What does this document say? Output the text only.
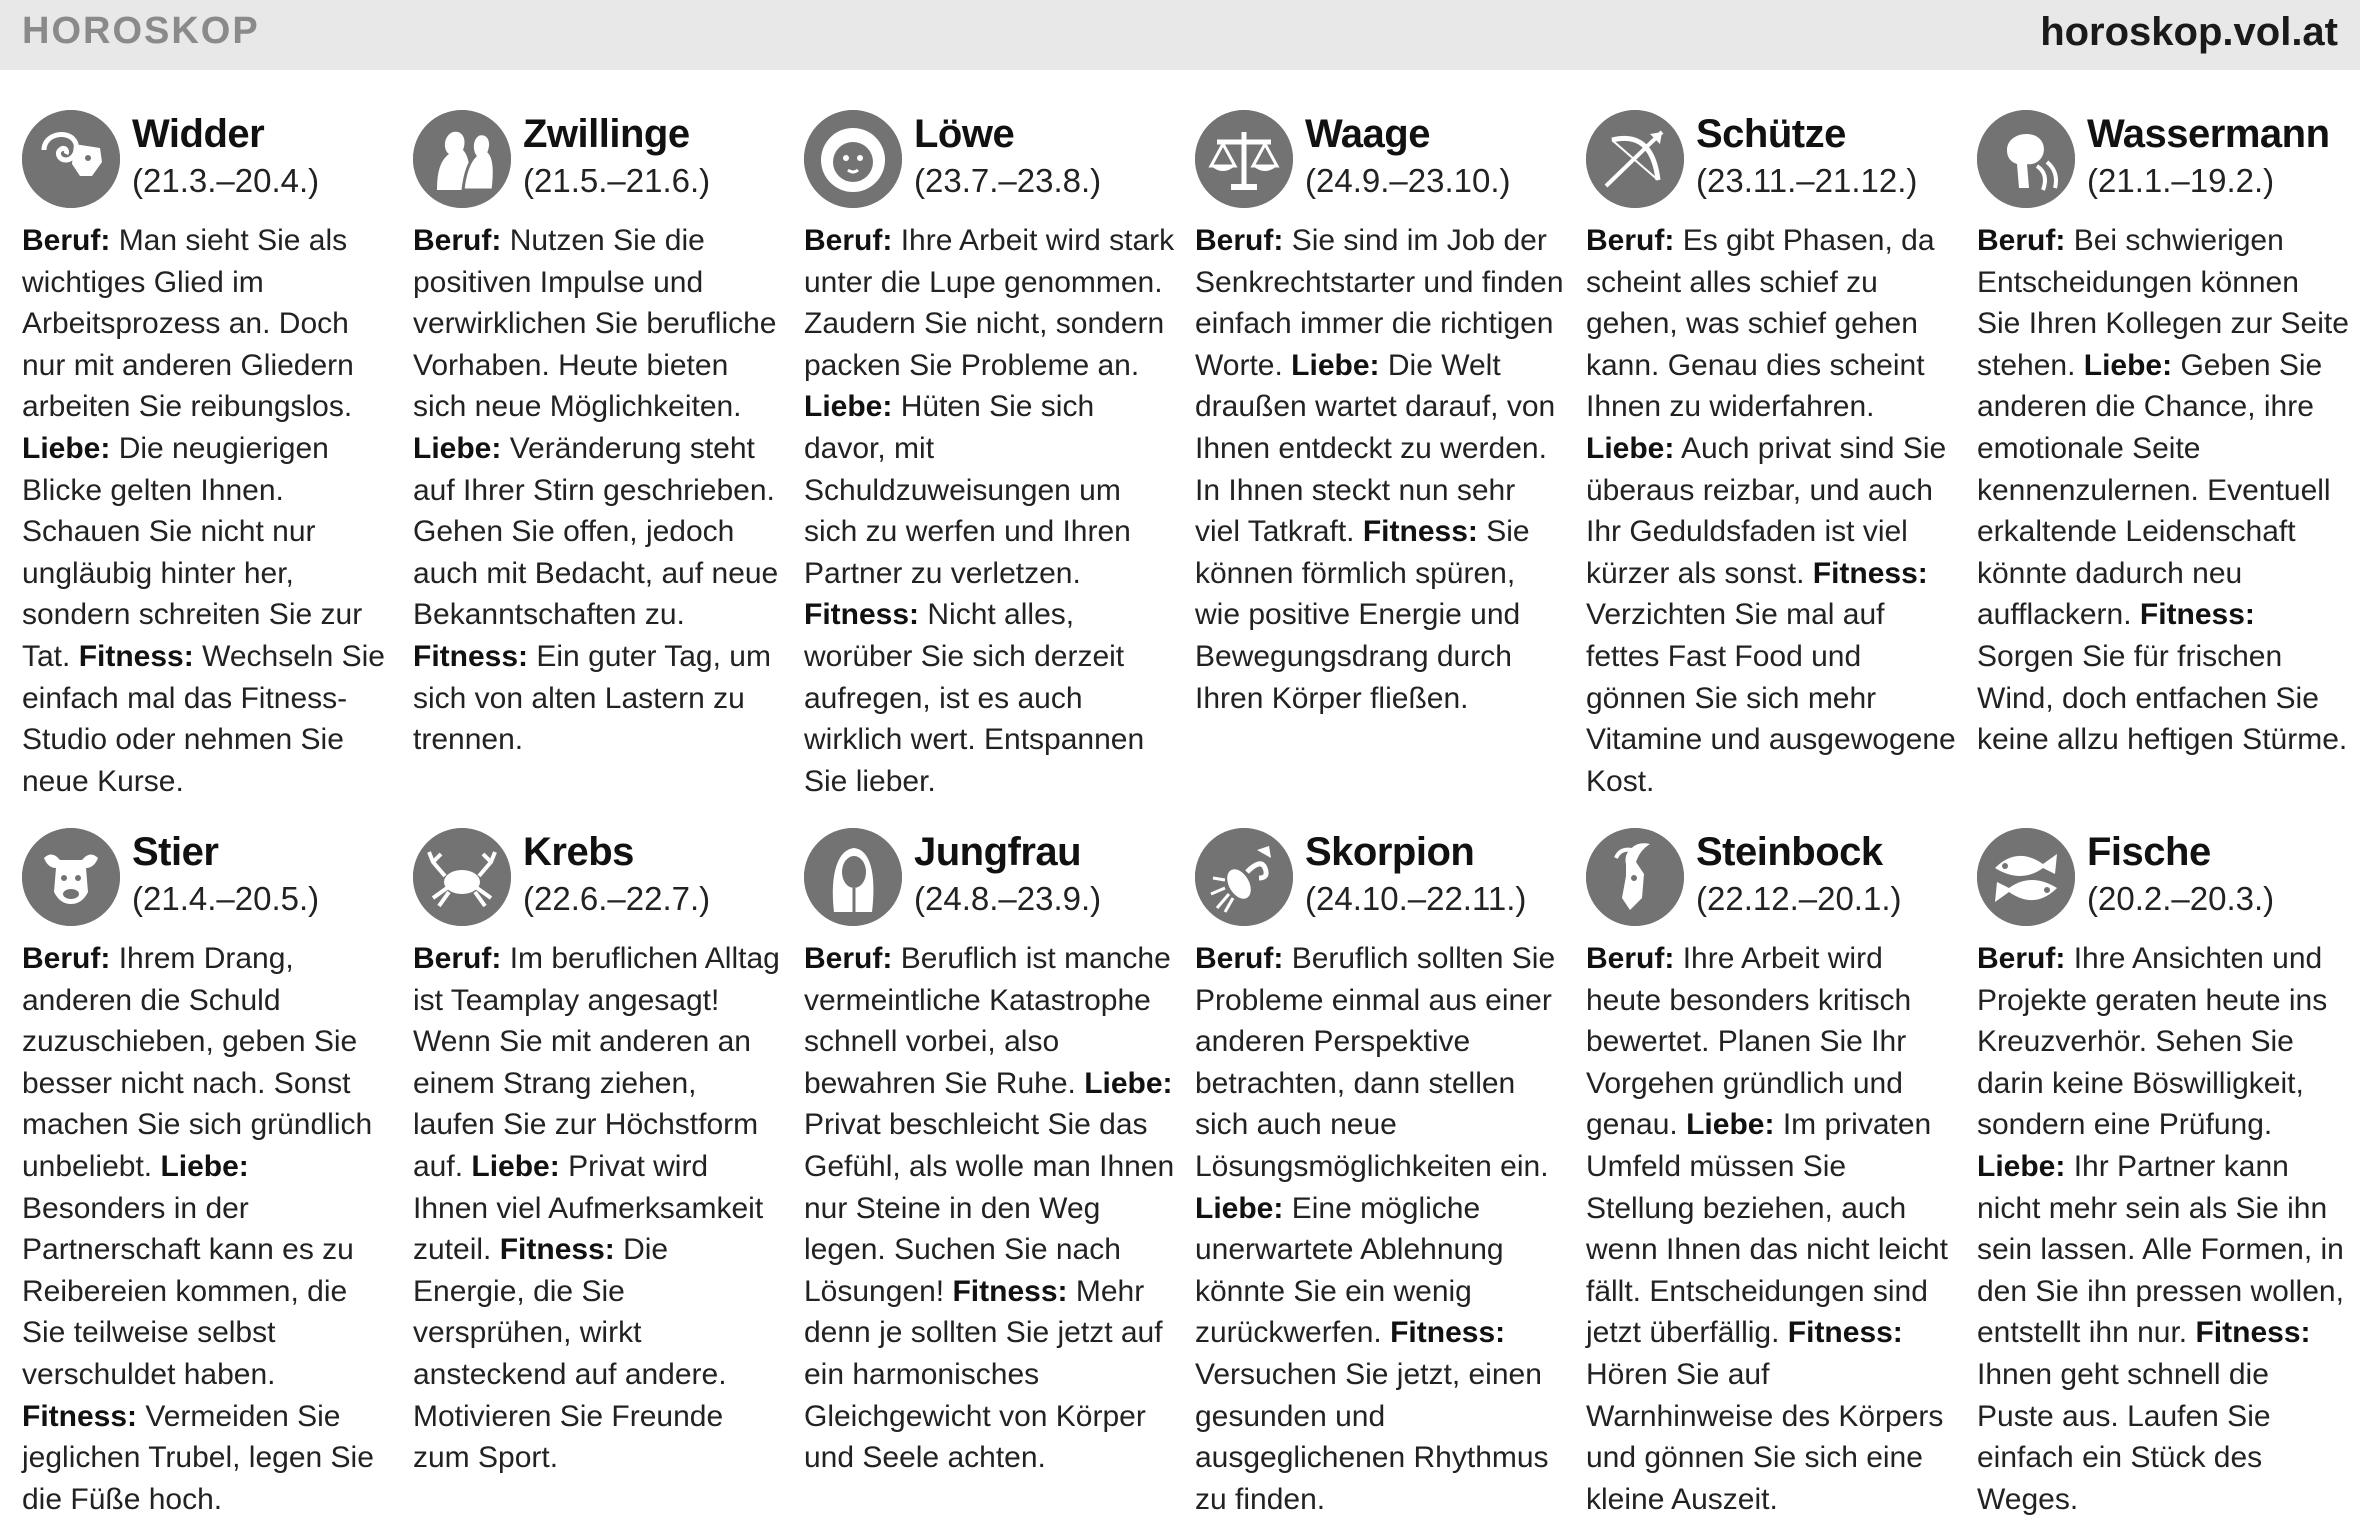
HOROSKOP	horoskop.vol.at
Widder
(21.3.–20.4.)
Beruf: Man sieht Sie als wichtiges Glied im Arbeitsprozess an. Doch nur mit anderen Gliedern arbeiten Sie reibungslos. Liebe: Die neugierigen Blicke gelten Ihnen. Schauen Sie nicht nur ungläubig hinter her, sondern schreiten Sie zur Tat. Fitness: Wechseln Sie einfach mal das Fitness-Studio oder nehmen Sie neue Kurse.
Zwillinge
(21.5.–21.6.)
Beruf: Nutzen Sie die positiven Impulse und verwirklichen Sie berufliche Vorhaben. Heute bieten sich neue Möglichkeiten. Liebe: Veränderung steht auf Ihrer Stirn geschrieben. Gehen Sie offen, jedoch auch mit Bedacht, auf neue Bekanntschaften zu. Fitness: Ein guter Tag, um sich von alten Lastern zu trennen.
Löwe
(23.7.–23.8.)
Beruf: Ihre Arbeit wird stark unter die Lupe genommen. Zaudern Sie nicht, sondern packen Sie Probleme an. Liebe: Hüten Sie sich davor, mit Schuldzuweisungen um sich zu werfen und Ihren Partner zu verletzen. Fitness: Nicht alles, worüber Sie sich derzeit aufregen, ist es auch wirklich wert. Entspannen Sie lieber.
Waage
(24.9.–23.10.)
Beruf: Sie sind im Job der Senkrechtstarter und finden einfach immer die richtigen Worte. Liebe: Die Welt draußen wartet darauf, von Ihnen entdeckt zu werden. In Ihnen steckt nun sehr viel Tatkraft. Fitness: Sie können förmlich spüren, wie positive Energie und Bewegungsdrang durch Ihren Körper fließen.
Schütze
(23.11.–21.12.)
Beruf: Es gibt Phasen, da scheint alles schief zu gehen, was schief gehen kann. Genau dies scheint Ihnen zu widerfahren. Liebe: Auch privat sind Sie überaus reizbar, und auch Ihr Geduldsfaden ist viel kürzer als sonst. Fitness: Verzichten Sie mal auf fettes Fast Food und gönnen Sie sich mehr Vitamine und ausgewogene Kost.
Wassermann
(21.1.–19.2.)
Beruf: Bei schwierigen Entscheidungen können Sie Ihren Kollegen zur Seite stehen. Liebe: Geben Sie anderen die Chance, ihre emotionale Seite kennenzulernen. Eventuell erkaltende Leidenschaft könnte dadurch neu aufflackern. Fitness: Sorgen Sie für frischen Wind, doch entfachen Sie keine allzu heftigen Stürme.
Stier
(21.4.–20.5.)
Beruf: Ihrem Drang, anderen die Schuld zuzuschieben, geben Sie besser nicht nach. Sonst machen Sie sich gründlich unbeliebt. Liebe: Besonders in der Partnerschaft kann es zu Reibereien kommen, die Sie teilweise selbst verschuldet haben. Fitness: Vermeiden Sie jeglichen Trubel, legen Sie die Füße hoch.
Krebs
(22.6.–22.7.)
Beruf: Im beruflichen Alltag ist Teamplay angesagt! Wenn Sie mit anderen an einem Strang ziehen, laufen Sie zur Höchstform auf. Liebe: Privat wird Ihnen viel Aufmerksamkeit zuteil. Fitness: Die Energie, die Sie versprühen, wirkt ansteckend auf andere. Motivieren Sie Freunde zum Sport.
Jungfrau
(24.8.–23.9.)
Beruf: Beruflich ist manche vermeintliche Katastrophe schnell vorbei, also bewahren Sie Ruhe. Liebe: Privat beschleicht Sie das Gefühl, als wolle man Ihnen nur Steine in den Weg legen. Suchen Sie nach Lösungen! Fitness: Mehr denn je sollten Sie jetzt auf ein harmonisches Gleichgewicht von Körper und Seele achten.
Skorpion
(24.10.–22.11.)
Beruf: Beruflich sollten Sie Probleme einmal aus einer anderen Perspektive betrachten, dann stellen sich auch neue Lösungsmöglichkeiten ein. Liebe: Eine mögliche unerwartete Ablehnung könnte Sie ein wenig zurückwerfen. Fitness: Versuchen Sie jetzt, einen gesunden und ausgeglichenen Rhythmus zu finden.
Steinbock
(22.12.–20.1.)
Beruf: Ihre Arbeit wird heute besonders kritisch bewertet. Planen Sie Ihr Vorgehen gründlich und genau. Liebe: Im privaten Umfeld müssen Sie Stellung beziehen, auch wenn Ihnen das nicht leicht fällt. Entscheidungen sind jetzt überfällig. Fitness: Hören Sie auf Warnhinweise des Körpers und gönnen Sie sich eine kleine Auszeit.
Fische
(20.2.–20.3.)
Beruf: Ihre Ansichten und Projekte geraten heute ins Kreuzverhör. Sehen Sie darin keine Böswilligkeit, sondern eine Prüfung. Liebe: Ihr Partner kann nicht mehr sein als Sie ihn sein lassen. Alle Formen, in den Sie ihn pressen wollen, entstellt ihn nur. Fitness: Ihnen geht schnell die Puste aus. Laufen Sie einfach ein Stück des Weges.
